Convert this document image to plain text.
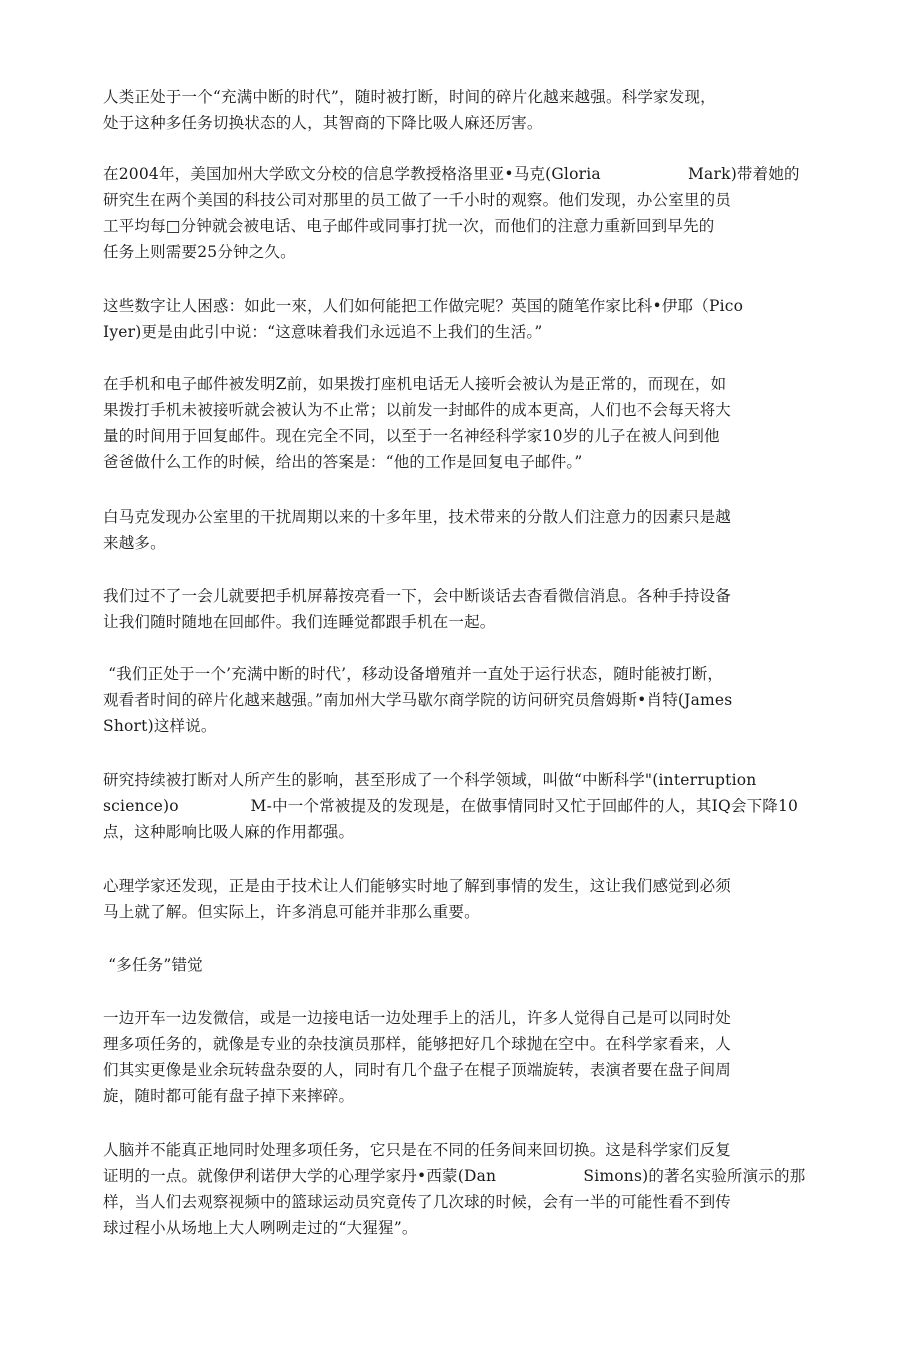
人类正处于一个“充满中断的时代”，随时被打断，时间的碎片化越来越强。科学家发现，
处于这种多任务切换状态的人，其智商的下降比吸人麻还厉害。
在2004年，美国加州大学欧文分校的信息学教授格洛里亚•马克(Gloria                 Mark)带着她的
研究生在两个美国的科技公司对那里的员工做了一千小时的观察。他们发现，办公室里的员
工平均每□分钟就会被电话、电子邮件或同事打扰一次，而他们的注意力重新回到早先的
任务上则需要25分钟之久。
这些数字让人困惑：如此一來，人们如何能把工作做完呢？英国的随笔作家比科•伊耶（Pico
Iyer)更是由此引中说：“这意味着我们永远追不上我们的生活。”
在手机和电子邮件被发明Z前，如果拨打座机电话无人接听会被认为是正常的，而现在，如
果拨打手机未被接听就会被认为不止常；以前发一封邮件的成本更高，人们也不会每天将大
量的时间用于回复邮件。现在完全不同，以至于一名神经科学家10岁的儿子在被人问到他
爸爸做什么工作的时候，给出的答案是：“他的工作是回复电子邮件。”
白马克发现办公室里的干扰周期以来的十多年里，技术带来的分散人们注意力的因素只是越
来越多。
我们过不了一会儿就要把手机屏幕按亮看一下，会中断谈话去杳看微信消息。各种手持设备
让我们随时随地在回邮件。我们连睡觉都跟手机在一起。
“我们正处于一个’充满中断的时代’，移动设备增殖并一直处于运行状态，随时能被打断，
观看者时间的碎片化越来越强。”南加州大学马歇尔商学院的访问研究员詹姆斯•肖特(James
Short)这样说。
研究持续被打断对人所产生的影响，甚至形成了一个科学领域，叫做“中断科学"(interruption
science)o              M-中一个常被提及的发现是，在做事情同时又忙于回邮件的人，其IQ会下降10
点，这种彫响比吸人麻的作用都强。
心理学家还发现，正是由于技术让人们能够实时地了解到事情的发生，这让我们感觉到必须
马上就了解。但实际上，许多消息可能并非那么重要。
“多任务”错觉
一边开车一边发微信，或是一边接电话一边处理手上的活儿，许多人觉得自己是可以同时处
理多项任务的，就像是专业的杂技演员那样，能够把好几个球抛在空中。在科学家看来，人
们其实更像是业余玩转盘杂耍的人，同时有几个盘子在棍子顶端旋转，表演者要在盘子间周
旋，随时都可能有盘子掉下来摔碎。
人脑并不能真正地同时处理多项任务，它只是在不同的任务间来回切换。这是科学家们反复
证明的一点。就像伊利诺伊大学的心理学家丹•西蒙(Dan                 Simons)的著名实验所演示的那
样，当人们去观察视频中的篮球运动员究竟传了几次球的时候，会有一半的可能性看不到传
球过程小从场地上大人咧咧走过的“大猩猩”。
